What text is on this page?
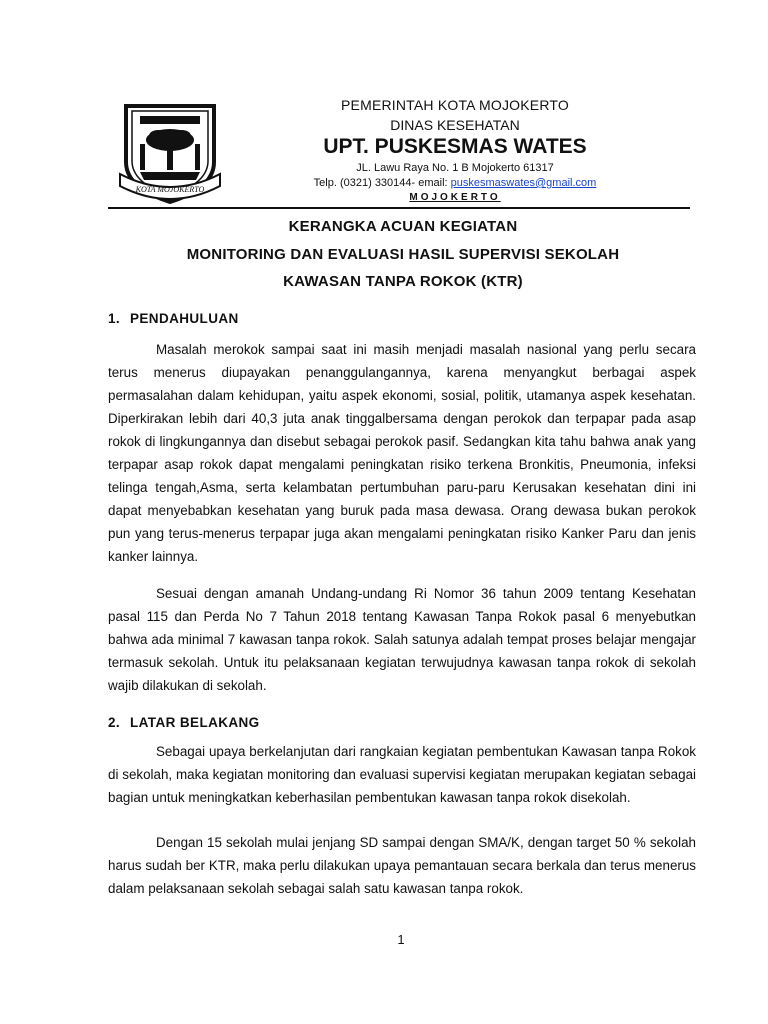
KOTA MOJOKERTO
PEMERINTAH KOTA MOJOKERTO
DINAS KESEHATAN
UPT. PUSKESMAS WATES
JL. Lawu Raya No. 1 B Mojokerto 61317
Telp. (0321) 330144- email: puskesmaswates@gmail.com
MOJOKERTO
KERANGKA ACUAN KEGIATAN
MONITORING DAN EVALUASI HASIL SUPERVISI SEKOLAH
KAWASAN TANPA ROKOK (KTR)
1. PENDAHULUAN

Masalah merokok sampai saat ini masih menjadi masalah nasional yang perlu secara terus menerus diupayakan penanggulangannya, karena menyangkut berbagai aspek permasalahan dalam kehidupan, yaitu aspek ekonomi, sosial, politik, utamanya aspek kesehatan. Diperkirakan lebih dari 40,3 juta anak tinggalbersama dengan perokok dan terpapar pada asap rokok di lingkungannya dan disebut sebagai perokok pasif. Sedangkan kita tahu bahwa anak yang terpapar asap rokok dapat mengalami peningkatan risiko terkena Bronkitis, Pneumonia, infeksi telinga tengah,Asma, serta kelambatan pertumbuhan paru-paru Kerusakan kesehatan dini ini dapat menyebabkan kesehatan yang buruk pada masa dewasa. Orang dewasa bukan perokok pun yang terus-menerus terpapar juga akan mengalami peningkatan risiko Kanker Paru dan jenis kanker lainnya.

Sesuai dengan amanah Undang-undang Ri Nomor 36 tahun 2009 tentang Kesehatan pasal 115 dan Perda No 7 Tahun 2018 tentang Kawasan Tanpa Rokok pasal 6 menyebutkan bahwa ada minimal 7 kawasan tanpa rokok. Salah satunya adalah tempat proses belajar mengajar termasuk sekolah. Untuk itu pelaksanaan kegiatan terwujudnya kawasan tanpa rokok di sekolah wajib dilakukan di sekolah.

2. LATAR BELAKANG

Sebagai upaya berkelanjutan dari rangkaian kegiatan pembentukan Kawasan tanpa Rokok di sekolah, maka kegiatan monitoring dan evaluasi supervisi kegiatan merupakan kegiatan sebagai bagian untuk meningkatkan keberhasilan pembentukan kawasan tanpa rokok disekolah.

Dengan 15 sekolah mulai jenjang SD sampai dengan SMA/K, dengan target 50 % sekolah harus sudah ber KTR, maka perlu dilakukan upaya pemantauan secara berkala dan terus menerus dalam pelaksanaan sekolah sebagai salah satu kawasan tanpa rokok.

1
